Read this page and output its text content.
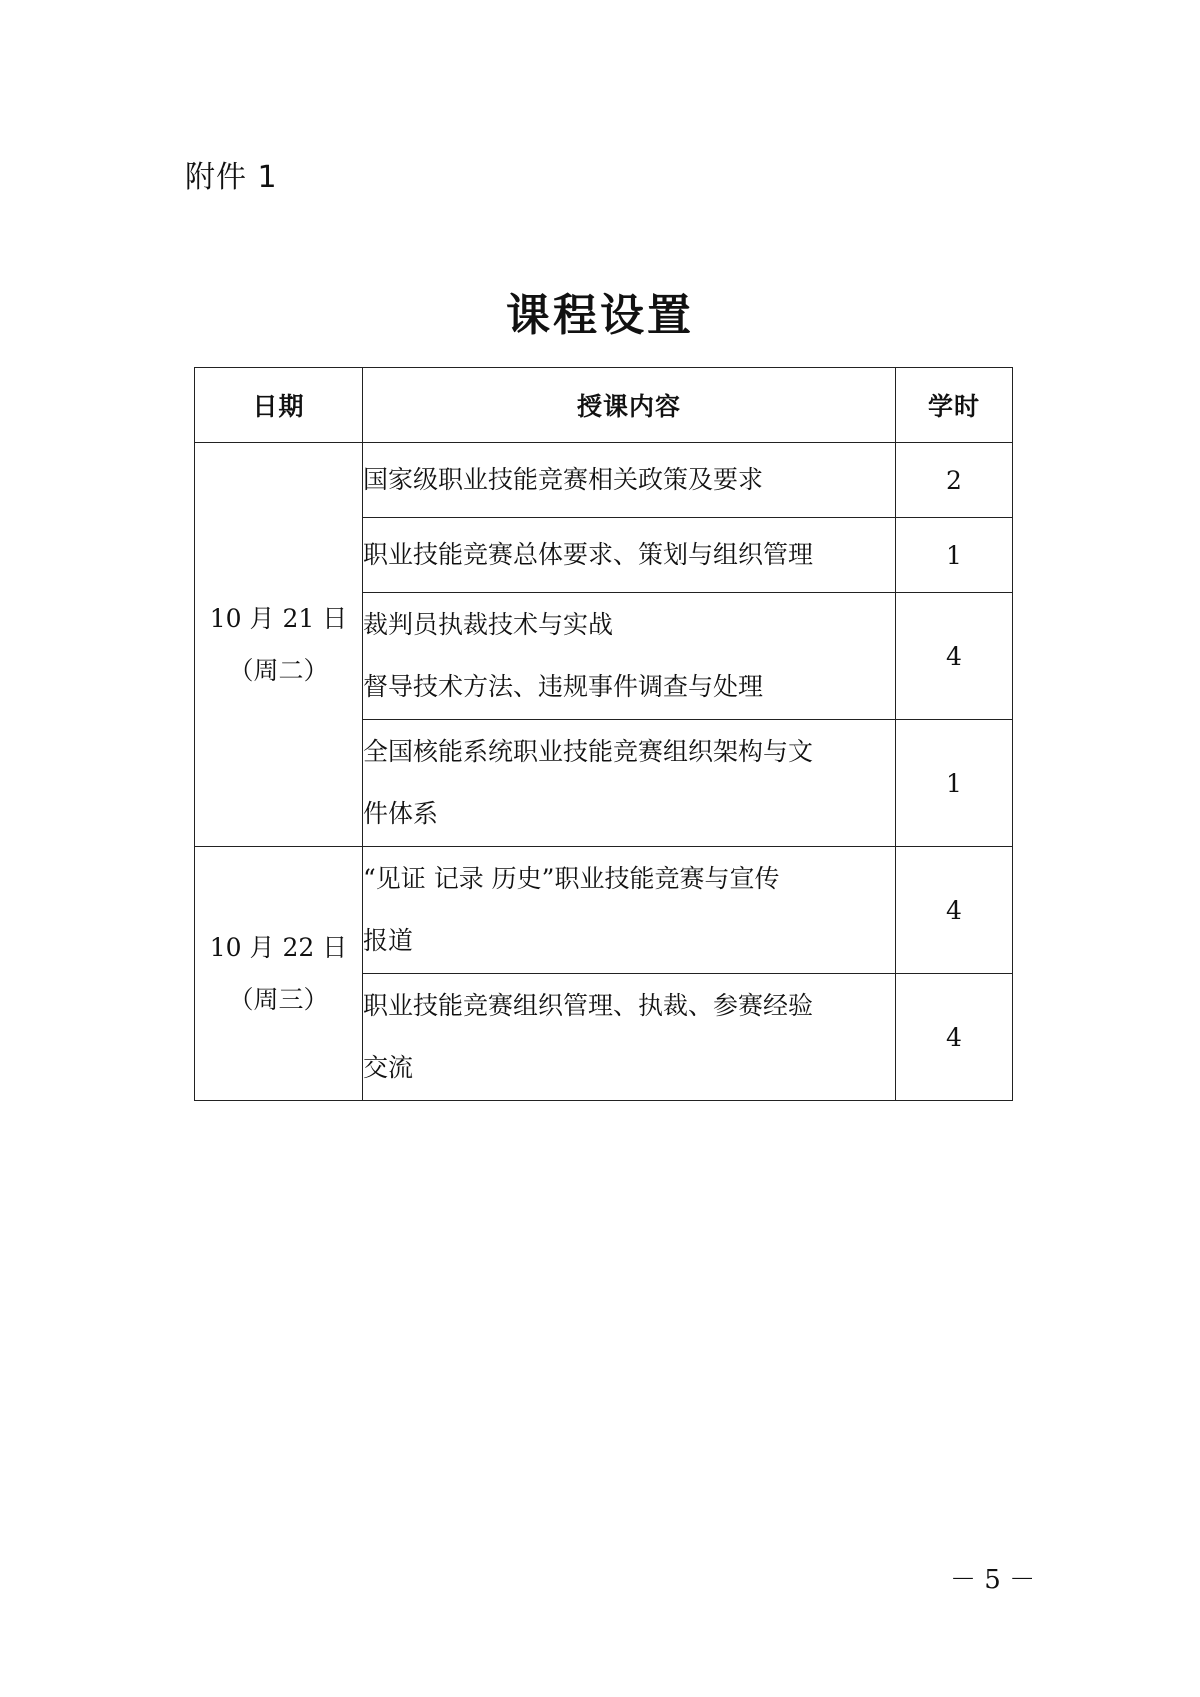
附件 1
课程设置
日期	授课内容	学时

10 月 21 日
（周二）	国家级职业技能竞赛相关政策及要求	2

	职业技能竞赛总体要求、策划与组织管理	1

	裁判员执裁技术与实战
督导技术方法、违规事件调查与处理	4

	全国核能系统职业技能竞赛组织架构与文
件体系	1

10 月 22 日
（周三）	“见证 记录 历史”职业技能竞赛与宣传
报道	4

	职业技能竞赛组织管理、执裁、参赛经验
交流	4
－ 5 －
